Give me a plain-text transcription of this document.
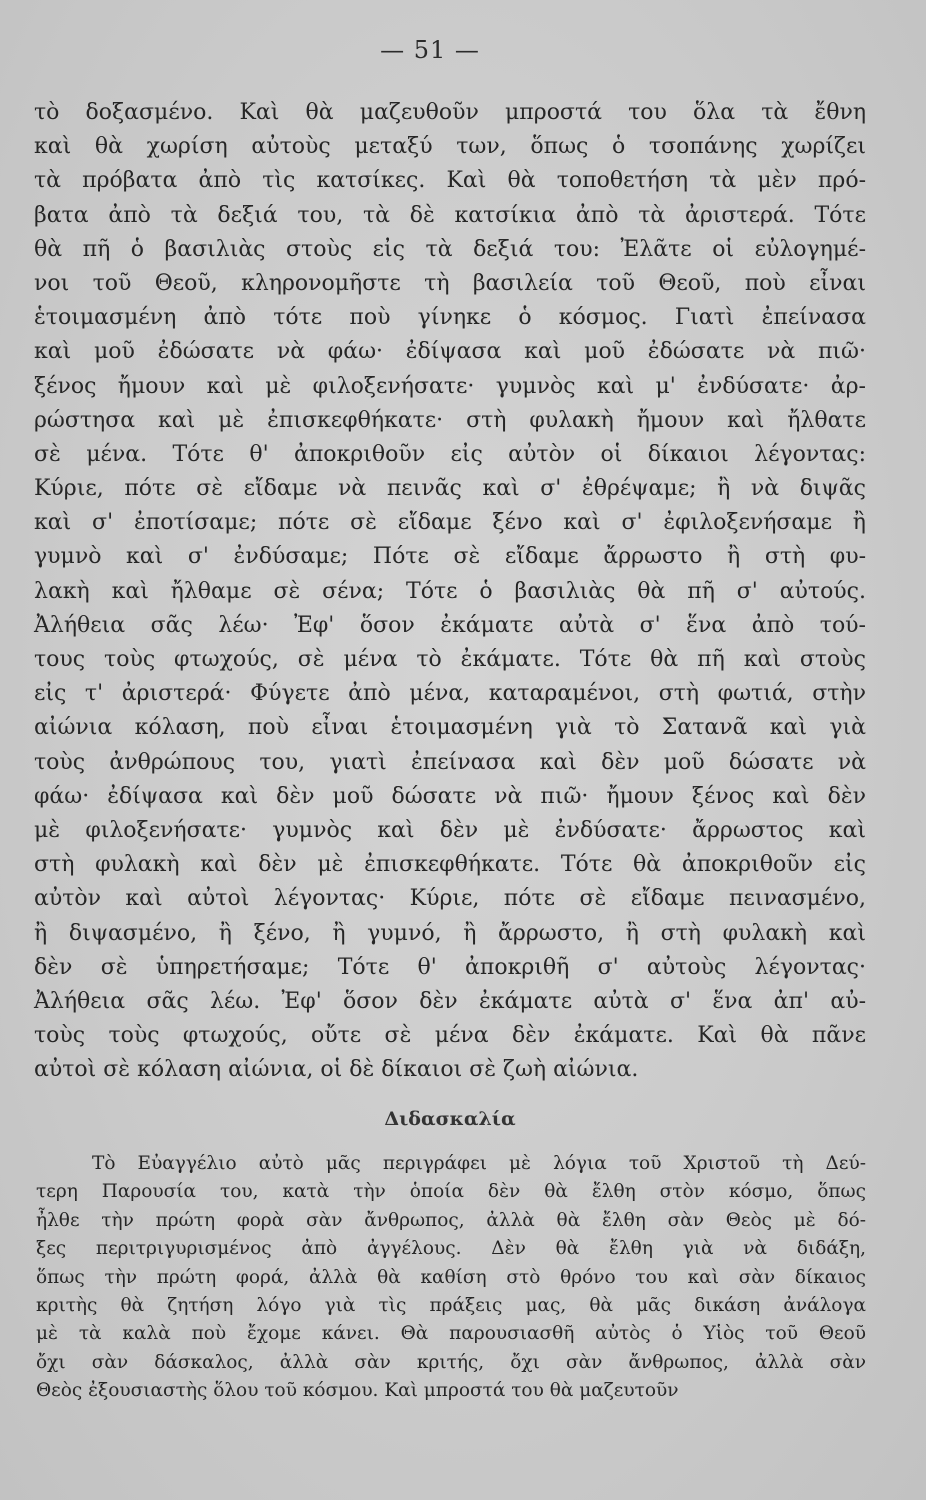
— 51 —
τὸ δοξασμένο. Καὶ θὰ μαζευθοῦν μπροστά του ὅλα τὰ ἔθνη
καὶ θὰ χωρίση αὐτοὺς μεταξύ των, ὅπως ὁ τσοπάνης χωρίζει
τὰ πρόβατα ἀπὸ τὶς κατσίκες. Καὶ θὰ τοποθετήση τὰ μὲν πρό-
βατα ἀπὸ τὰ δεξιά του, τὰ δὲ κατσίκια ἀπὸ τὰ ἀριστερά. Τότε
θὰ πῆ ὁ βασιλιὰς στοὺς εἰς τὰ δεξιά του: Ἐλᾶτε οἱ εὐλογημέ-
νοι τοῦ Θεοῦ, κληρονομῆστε τὴ βασιλεία τοῦ Θεοῦ, ποὺ εἶναι
ἑτοιμασμένη ἀπὸ τότε ποὺ γίνηκε ὁ κόσμος. Γιατὶ ἐπείνασα
καὶ μοῦ ἐδώσατε νὰ φάω· ἐδίψασα καὶ μοῦ ἐδώσατε νὰ πιῶ·
ξένος ἤμουν καὶ μὲ φιλοξενήσατε· γυμνὸς καὶ μ' ἐνδύσατε· ἀρ-
ρώστησα καὶ μὲ ἐπισκεφθήκατε· στὴ φυλακὴ ἤμουν καὶ ἤλθατε
σὲ μένα. Τότε θ' ἀποκριθοῦν εἰς αὐτὸν οἱ δίκαιοι λέγοντας:
Κύριε, πότε σὲ εἴδαμε νὰ πεινᾶς καὶ σ' ἐθρέψαμε; ἢ νὰ διψᾶς
καὶ σ' ἐποτίσαμε; πότε σὲ εἴδαμε ξένο καὶ σ' ἐφιλοξενήσαμε ἢ
γυμνὸ καὶ σ' ἐνδύσαμε; Πότε σὲ εἴδαμε ἄρρωστο ἢ στὴ φυ-
λακὴ καὶ ἤλθαμε σὲ σένα; Τότε ὁ βασιλιὰς θὰ πῆ σ' αὐτούς.
Ἀλήθεια σᾶς λέω· Ἐφ' ὅσον ἐκάματε αὐτὰ σ' ἕνα ἀπὸ τού-
τους τοὺς φτωχούς, σὲ μένα τὸ ἐκάματε. Τότε θὰ πῆ καὶ στοὺς
εἰς τ' ἀριστερά· Φύγετε ἀπὸ μένα, καταραμένοι, στὴ φωτιά, στὴν
αἰώνια κόλαση, ποὺ εἶναι ἑτοιμασμένη γιὰ τὸ Σατανᾶ καὶ γιὰ
τοὺς ἀνθρώπους του, γιατὶ ἐπείνασα καὶ δὲν μοῦ δώσατε νὰ
φάω· ἐδίψασα καὶ δὲν μοῦ δώσατε νὰ πιῶ· ἤμουν ξένος καὶ δὲν
μὲ φιλοξενήσατε· γυμνὸς καὶ δὲν μὲ ἐνδύσατε· ἄρρωστος καὶ
στὴ φυλακὴ καὶ δὲν μὲ ἐπισκεφθήκατε. Τότε θὰ ἀποκριθοῦν εἰς
αὐτὸν καὶ αὐτοὶ λέγοντας· Κύριε, πότε σὲ εἴδαμε πεινασμένο,
ἢ διψασμένο, ἢ ξένο, ἢ γυμνό, ἢ ἄρρωστο, ἢ στὴ φυλακὴ καὶ
δὲν σὲ ὑπηρετήσαμε; Τότε θ' ἀποκριθῆ σ' αὐτοὺς λέγοντας·
Ἀλήθεια σᾶς λέω. Ἐφ' ὅσον δὲν ἐκάματε αὐτὰ σ' ἕνα ἀπ' αὐ-
τοὺς τοὺς φτωχούς, οὔτε σὲ μένα δὲν ἐκάματε. Καὶ θὰ πᾶνε
αὐτοὶ σὲ κόλαση αἰώνια, οἱ δὲ δίκαιοι σὲ ζωὴ αἰώνια.
Διδασκαλία
Τὸ Εὐαγγέλιο αὐτὸ μᾶς περιγράφει μὲ λόγια τοῦ Χριστοῦ τὴ Δεύ-
τερη Παρουσία του, κατὰ τὴν ὁποία δὲν θὰ ἔλθη στὸν κόσμο, ὅπως
ἦλθε τὴν πρώτη φορὰ σὰν ἄνθρωπος, ἀλλὰ θὰ ἔλθη σὰν Θεὸς μὲ δό-
ξες περιτριγυρισμένος ἀπὸ ἀγγέλους. Δὲν θὰ ἔλθη γιὰ νὰ διδάξη,
ὅπως τὴν πρώτη φορά, ἀλλὰ θὰ καθίση στὸ θρόνο του καὶ σὰν δίκαιος
κριτὴς θὰ ζητήση λόγο γιὰ τὶς πράξεις μας, θὰ μᾶς δικάση ἀνάλογα
μὲ τὰ καλὰ ποὺ ἔχομε κάνει. Θὰ παρουσιασθῆ αὐτὸς ὁ Υἱὸς τοῦ Θεοῦ
ὄχι σὰν δάσκαλος, ἀλλὰ σὰν κριτής, ὄχι σὰν ἄνθρωπος, ἀλλὰ σὰν
Θεὸς ἐξουσιαστὴς ὅλου τοῦ κόσμου. Καὶ μπροστά του θὰ μαζευτοῦν
